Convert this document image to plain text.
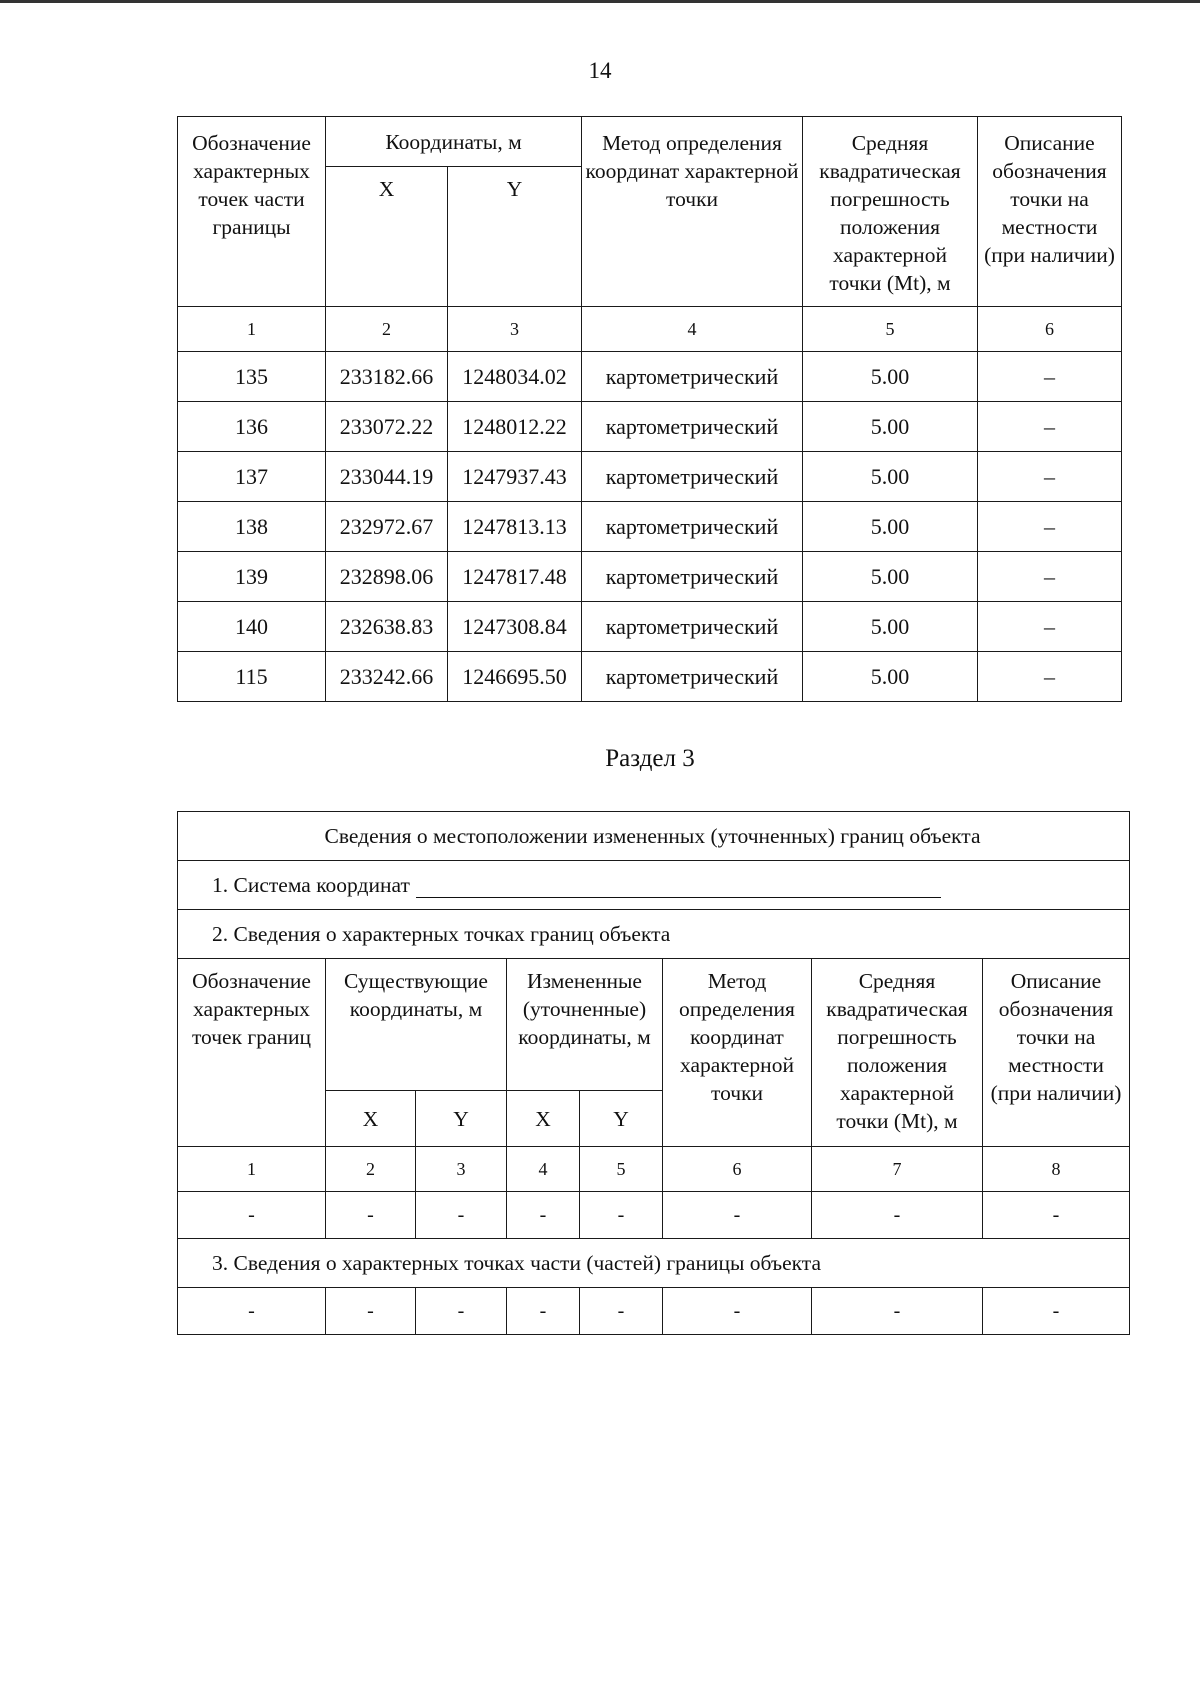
14
Обозначение характерных точек части границы	Координаты, м		Метод определения координат характерной точки	Средняя квадратическая погрешность положения характерной точки (Mt), м	Описание обозначения точки на местности (при наличии)
	X	Y			
1	2	3	4	5	6
135	233182.66	1248034.02	картометрический	5.00	–
136	233072.22	1248012.22	картометрический	5.00	–
137	233044.19	1247937.43	картометрический	5.00	–
138	232972.67	1247813.13	картометрический	5.00	–
139	232898.06	1247817.48	картометрический	5.00	–
140	232638.83	1247308.84	картометрический	5.00	–
115	233242.66	1246695.50	картометрический	5.00	–
Раздел 3
Сведения о местоположении измененных (уточненных) границ объекта							
1. Система координат							
2. Сведения о характерных точках границ объекта							
Обозначение характерных точек границ	Существующие координаты, м		Измененные (уточненные) координаты, м		Метод определения координат характерной точки	Средняя квадратическая погрешность положения характерной точки (Mt), м	Описание обозначения точки на местности (при наличии)
	X	Y	X	Y			
1	2	3	4	5	6	7	8
-	-	-	-	-	-	-	-
3. Сведения о характерных точках части (частей) границы объекта							
-	-	-	-	-	-	-	-
